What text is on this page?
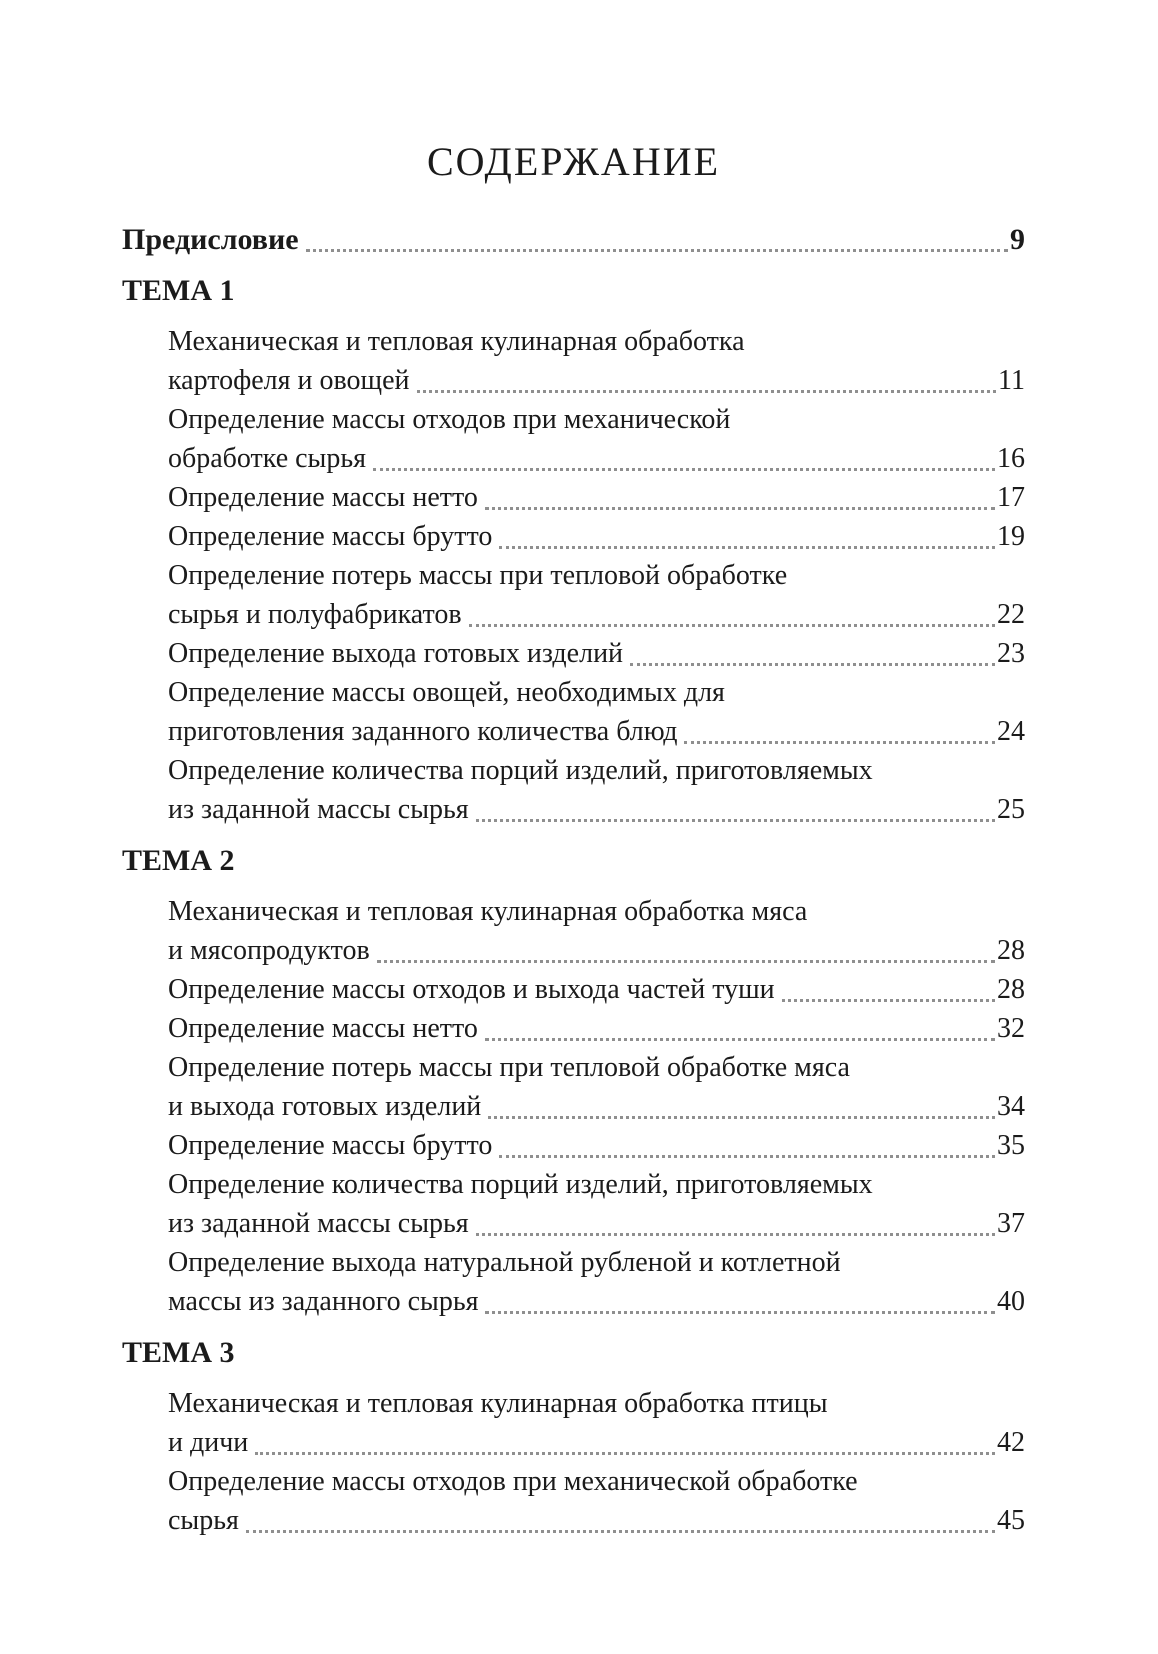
СОДЕРЖАНИЕ
Предисловие	9
ТЕМА 1
Механическая и тепловая кулинарная обработка
картофеля и овощей	11
Определение массы отходов при механической
обработке сырья	16
Определение массы нетто	17
Определение массы брутто	19
Определение потерь массы при тепловой обработке
сырья и полуфабрикатов	22
Определение выхода готовых изделий	23
Определение массы овощей, необходимых для
приготовления заданного количества блюд	24
Определение количества порций изделий, приготовляемых
из заданной массы сырья	25
ТЕМА 2
Механическая и тепловая кулинарная обработка мяса
и мясопродуктов	28
Определение массы отходов и выхода частей туши	28
Определение массы нетто	32
Определение потерь массы при тепловой обработке мяса
и выхода готовых изделий	34
Определение массы брутто	35
Определение количества порций изделий, приготовляемых
из заданной массы сырья	37
Определение выхода натуральной рубленой и котлетной
массы из заданного сырья	40
ТЕМА 3
Механическая и тепловая кулинарная обработка птицы
и дичи	42
Определение массы отходов при механической обработке
сырья	45
